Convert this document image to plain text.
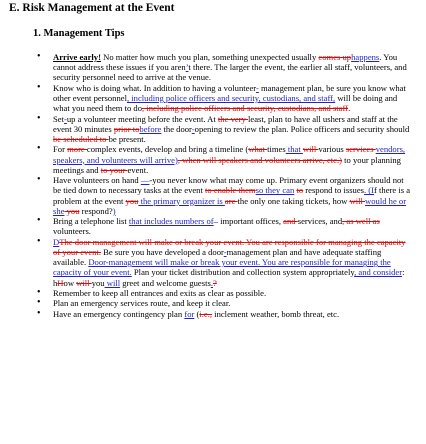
E. Risk Management at the Event
1. Management Tips
• Arrive early! No matter how much you plan, something unexpected usually comes uphappens. You cannot address these issues if you aren’t there. The larger the event, the earlier all staff, volunteers, and security personnel need to arrive at the venue.
• Know who is doing what. In addition to having a volunteer- management plan, be sure you know what other event personnel, including police officers and security, custodians, and staff, will be doing and what you need them to do, including police officers and security, custodians, and staff.
• Set-up a volunteer meeting before the event. At the very least, plan to have all ushers and staff at the event 30 minutes prior tobefore the door-opening to review the plan. Police officers and security should be scheduled to be present.
• For more complex events, develop and bring a timeline (what times that will various services vendors, speakers, and volunteers will arrive), when will speakers and volunteers arrive, etc.) to your planning meetings and to your event.
• Have volunteers on hand —-you never know what may come up. Primary event organizers should not be tied down to necessary tasks at the event to enable themso they can to respond to issues. (If there is a problem at the event you the primary organizer is are the only one taking tickets, how will would he or she you respond?)
• Bring a telephone list that includes numbers of– important offices, and services, and, as well as volunteers.
• DThe door management will make or break your event. You are responsible for managing the capacity of your event. Be sure you have developed a door-management plan and have adequate staffing available. Door-management will make or break your event. You are responsible for managing the capacity of your event. Plan your ticket distribution and collection system appropriately, and consider: hHow will you will greet and welcome guests.?
• Remember to keep all entrances and exits as clear as possible.
• Plan an emergency services route, and keep it clear.
• Have an emergency contingency plan for (i.e., inclement weather, bomb threat, etc.
